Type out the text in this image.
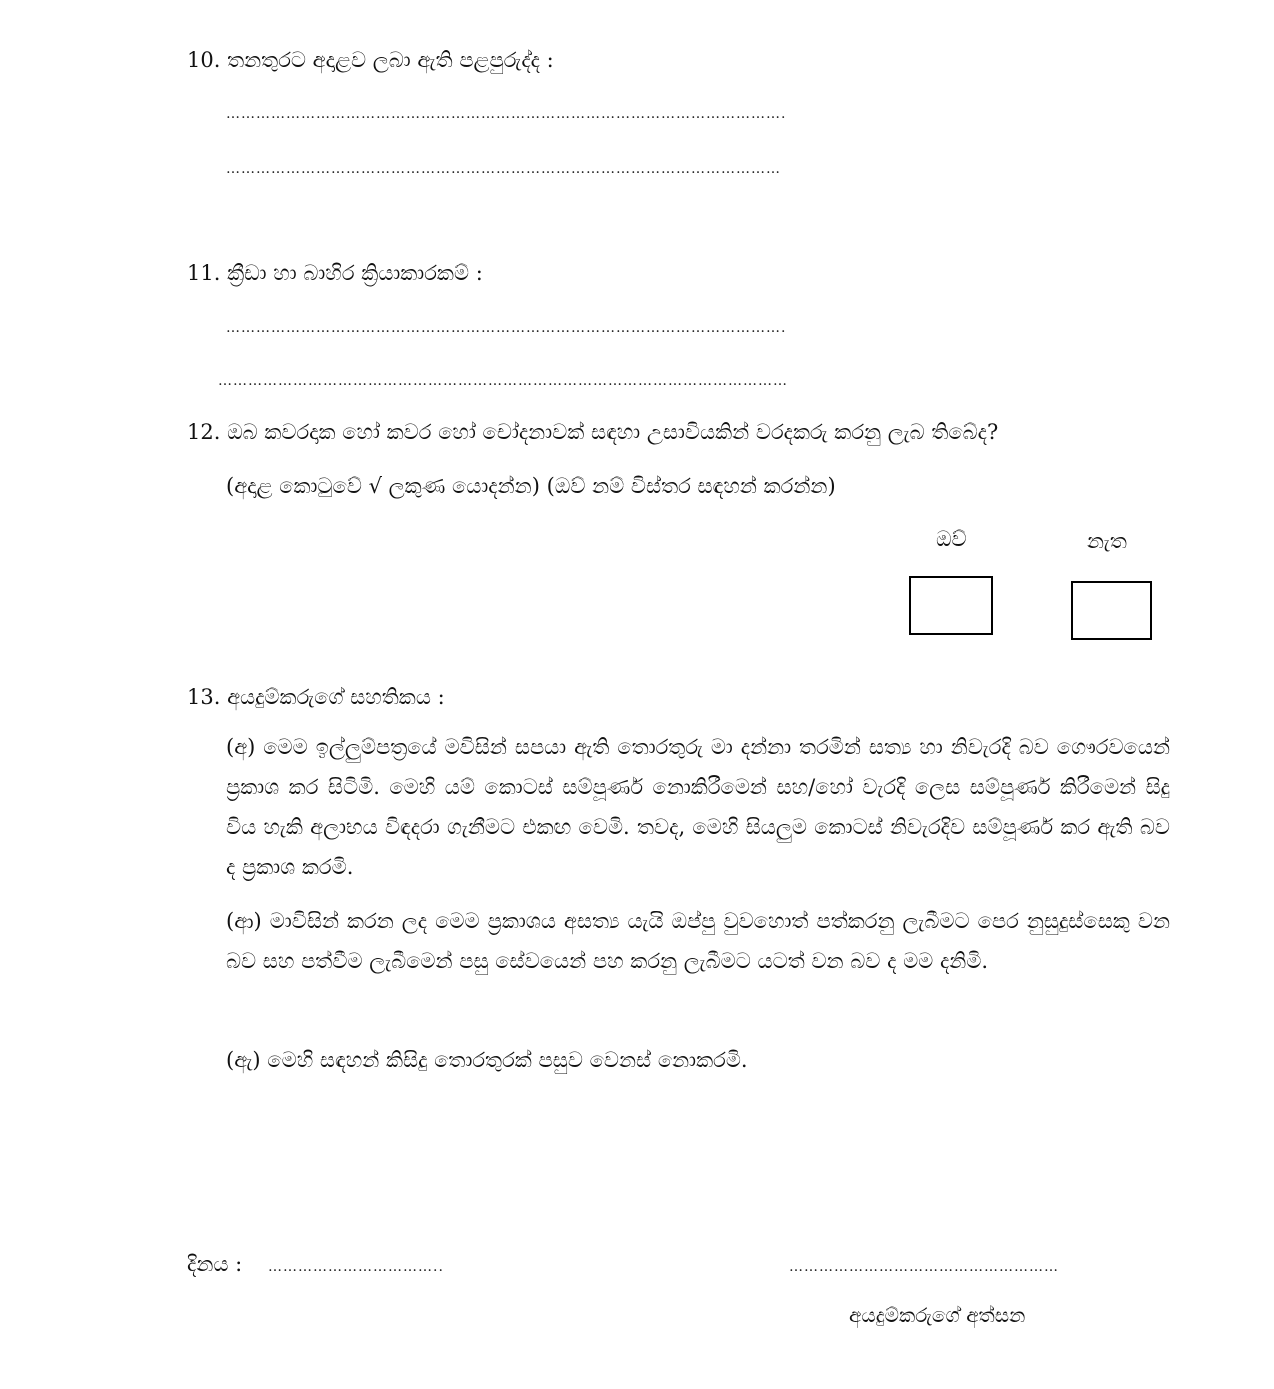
10. තනතුරට අදාළව ලබා ඇති පළපුරුද්ද :
………………………………………………………………………………………………….
…………………………………………………………………………………………………
11. ක්‍රීඩා හා බාහිර ක්‍රියාකාරකම් :
………………………………………………………………………………………………….
……………………………………………………………………………………………………
12. ඔබ කවරදාක හෝ කවර හෝ චෝදනාවක් සඳහා උසාවියකින් වරදකරු කරනු ලැබ තිබේද?
(අදාළ කොටුවේ √ ලකුණ යොදන්න) (ඔව් නම් විස්තර සඳහන් කරන්න)
ඔව්	නැත
13. අයදුම්කරුගේ සහතිකය :
(අ) මෙම ඉල්ලුම්පත්‍රයේ මවිසින් සපයා ඇති තොරතුරු මා දන්නා තරමින් සත්‍ය හා නිවැරදි බව ගෞරවයෙන් ප්‍රකාශ කර සිටිමි. මෙහි යම් කොටස් සම්පූර්ණ නොකිරීමෙන් සහ/හෝ වැරදි ලෙස සම්පූර්ණ කිරීමෙන් සිදු විය හැකි අලාභය විඳදරා ගැනීමට එකඟ වෙමි. තවද, මෙහි සියලුම කොටස් නිවැරදිව සම්පූර්ණ කර ඇති බව ද ප්‍රකාශ කරමි.
(ආ) මාවිසින් කරන ලද මෙම ප්‍රකාශය අසත්‍ය යැයි ඔප්පු වුවහොත් පත්කරනු ලැබීමට පෙර නුසුදුස්සෙකු වන බව සහ පත්වීම ලැබීමෙන් පසු සේවයෙන් පහ කරනු ලැබීමට යටත් වන බව ද මම දනිමි.
(ඇ) මෙහි සඳහන් කිසිදු තොරතුරක් පසුව වෙනස් නොකරමි.
දිනය : ……………………………..	………………………………………………
අයදුම්කරුගේ අත්සන
